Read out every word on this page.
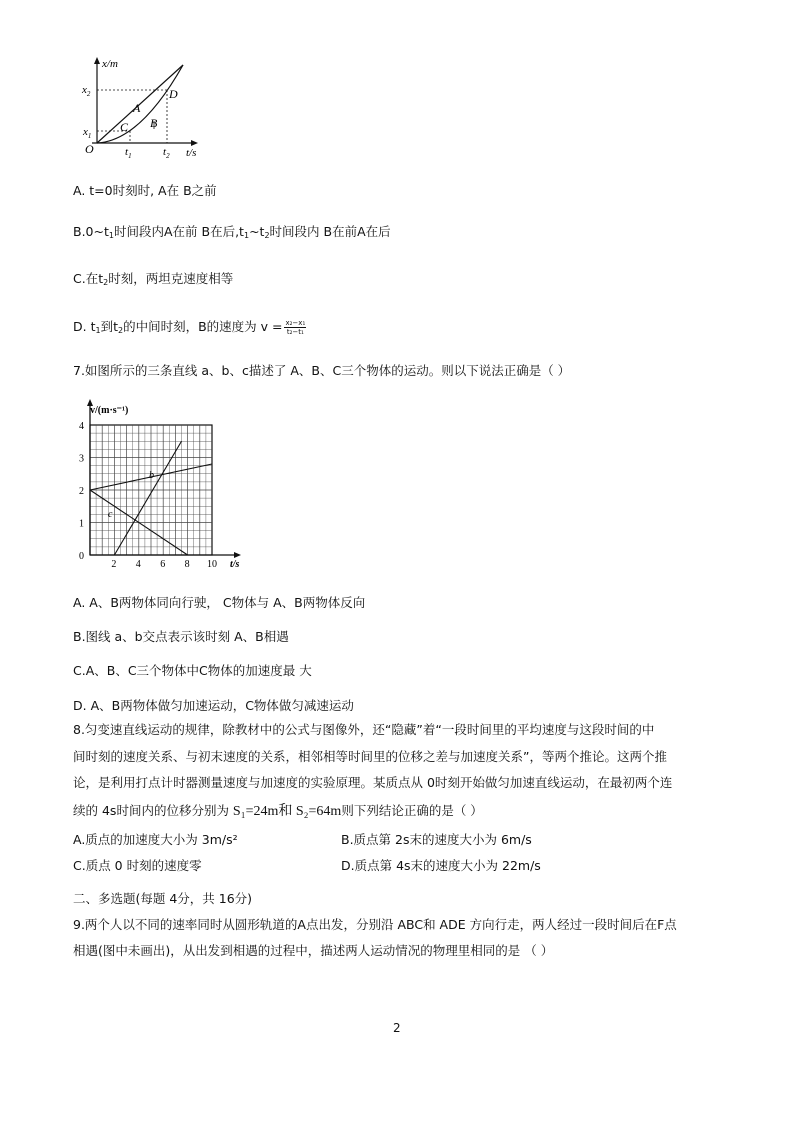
$x_2$
$x_1$
x/m
t/s
O	$t_1$	$t_2$
D
C
A
B
A. t=0时刻时, A在 B之前
$B.0\sim t_1$时间段内A在前 B在后$,t_1\sim t_2$时间段内 B在前A在后
C.在$t_2$时刻，两坦克速度相等
D. $t_1$到$t_2$的中间时刻，B的速度为 $v = \frac{\text{x₂−x₁}}{\text{t₂−t₁}}$
7.如图所示的三条直线 a、b、c描述了 A、B、C三个物体的运动。则以下说法正确是（ ）
4
3
2
1
0
2 4 6 8 10
v/(m·s⁻¹)
t/s
b
c
A. A、B两物体同向行驶， C物体与 A、B两物体反向
B.图线 a、b交点表示该时刻 A、B相遇
C.A、B、C三个物体中C物体的加速度最 大
D. A、B两物体做匀加速运动，C物体做匀减速运动
8.匀变速直线运动的规律，除教材中的公式与图像外，还“隐藏”着“一段时间里的平均速度与这段时间的中
间时刻的速度关系、与初末速度的关系，相邻相等时间里的位移之差与加速度关系”，等两个推论。这两个推
论，是利用打点计时器测量速度与加速度的实验原理。某质点从 0时刻开始做匀加速直线运动，在最初两个连
续的 4s时间内的位移分别为 S₁=24m和 S₂=64m则下列结论正确的是（ ）
A.质点的加速度大小为 3m/s²	B.质点第 2s末的速度大小为 6m/s
C.质点 0 时刻的速度零	D.质点第 4s末的速度大小为 22m/s
二、多选题(每题 4分，共 16分)
9.两个人以不同的速率同时从圆形轨道的A点出发，分别沿 ABC和 ADE 方向行走，两人经过一段时间后在F点
相遇(图中未画出)，从出发到相遇的过程中，描述两人运动情况的物理里相同的是 （ ）
2
